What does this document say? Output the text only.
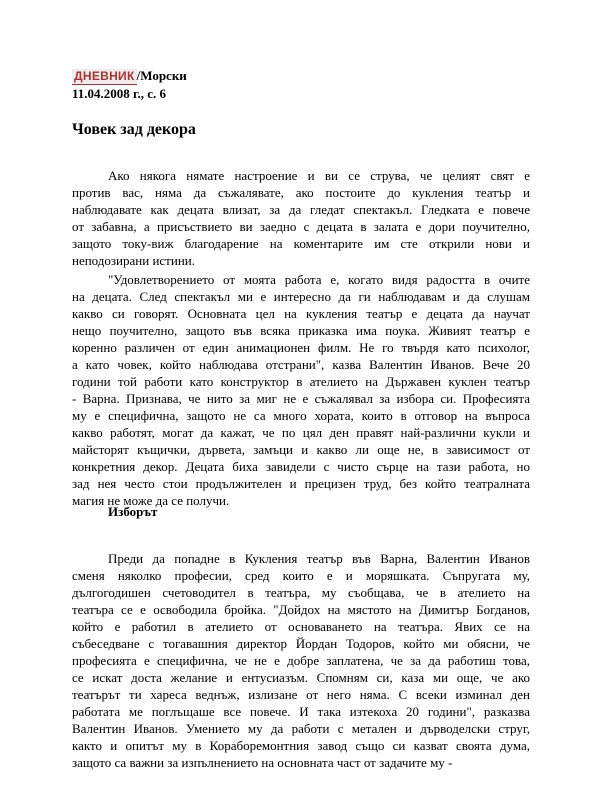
ДНЕВНИК /Морски
11.04.2008 г., с. 6
Човек зад декора
Ако някога нямате настроение и ви се струва, че целият свят е
против вас, няма да съжалявате, ако постоите до кукления театър и
наблюдавате как децата влизат, за да гледат спектакъл. Гледката е повече
от забавна, а присъствието ви заедно с децата в залата е дори поучително,
защото току-виж благодарение на коментарите им сте открили нови и
неподозирани истини.
"Удовлетворението от моята работа е, когато видя радостта в очите
на децата. След спектакъл ми е интересно да ги наблюдавам и да слушам
какво си говорят. Основната цел на кукления театър е децата да научат
нещо поучително, защото във всяка приказка има поука. Живият театър е
коренно различен от един анимационен филм. Не го твърдя като психолог,
а като човек, който наблюдава отстрани", казва Валентин Иванов. Вече 20
години той работи като конструктор в ателието на Държавен куклен театър
- Варна. Признава, че нито за миг не е съжалявал за избора си. Професията
му е специфична, защото не са много хората, които в отговор на въпроса
какво работят, могат да кажат, че по цял ден правят най-различни кукли и
майсторят къщички, дървета, замъци и какво ли още не, в зависимост от
конкретния декор. Децата биха завидели с чисто сърце на тази работа, но
зад нея често стои продължителен и прецизен труд, без който театралната
магия не може да се получи.
Изборът
Преди да попадне в Кукления театър във Варна, Валентин Иванов
сменя няколко професии, сред които е и моряшката. Съпругата му,
дългогодишен счетоводител в театъра, му съобщава, че в ателието на
театъра се е освободила бройка. "Дойдох на мястото на Димитър Богданов,
който е работил в ателието от основаването на театъра. Явих се на
събеседване с тогавашния директор Йордан Тодоров, който ми обясни, че
професията е специфична, че не е добре заплатена, че за да работиш това,
се искат доста желание и ентусиазъм. Спомням си, каза ми още, че ако
театърът ти хареса веднъж, излизане от него няма. С всеки изминал ден
работата ме поглъщаше все повече. И така изтекоха 20 години", разказва
Валентин Иванов. Умението му да работи с метален и дърводелски струг,
както и опитът му в Кораборемонтния завод също си казват своята дума,
защото са важни за изпълнението на основната част от задачите му -
